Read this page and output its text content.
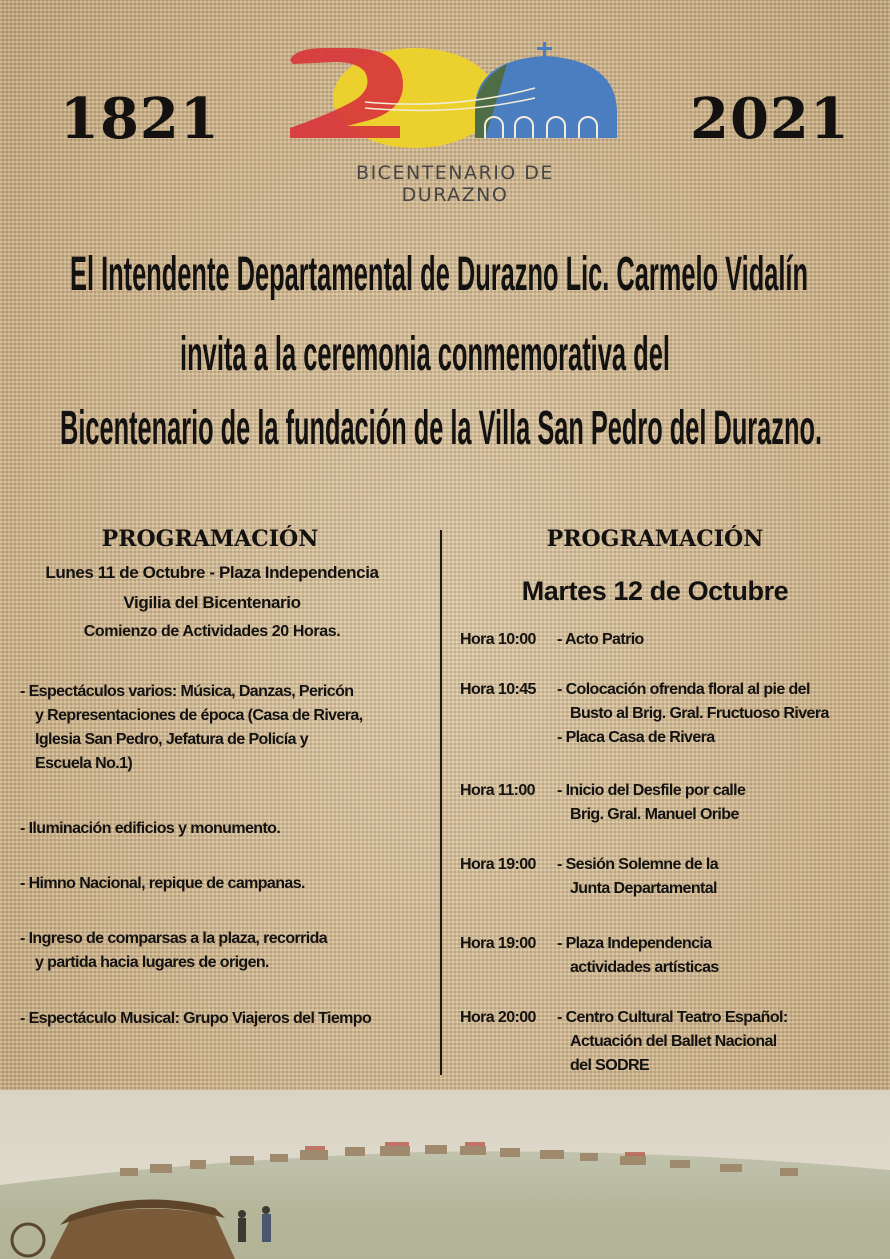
1821	2021
BICENTENARIO DE
DURAZNO
El Intendente Departamental de Durazno Lic. Carmelo Vidalín
invita a la ceremonia conmemorativa del
Bicentenario de la fundación de la Villa San Pedro del Durazno.
PROGRAMACIÓN
Lunes 11 de Octubre - Plaza Independencia
Vigilia del Bicentenario
Comienzo de Actividades 20 Horas.
- Espectáculos varios: Música, Danzas, Pericón
y Representaciones de época (Casa de Rivera,
Iglesia San Pedro, Jefatura de Policía y
Escuela No.1)
- Iluminación edificios y monumento.
- Himno Nacional, repique de campanas.
- Ingreso de comparsas a la plaza, recorrida
y partida hacia lugares de origen.
- Espectáculo Musical: Grupo Viajeros del Tiempo
PROGRAMACIÓN
Martes 12 de Octubre
Hora 10:00 - Acto Patrio
Hora 10:45 - Colocación ofrenda floral al pie del
Busto al Brig. Gral. Fructuoso Rivera
- Placa Casa de Rivera
Hora 11:00 - Inicio del Desfile por calle
Brig. Gral. Manuel Oribe
Hora 19:00 - Sesión Solemne de la
Junta Departamental
Hora 19:00 - Plaza Independencia
actividades artísticas
Hora 20:00 - Centro Cultural Teatro Español:
Actuación del Ballet Nacional
del SODRE
